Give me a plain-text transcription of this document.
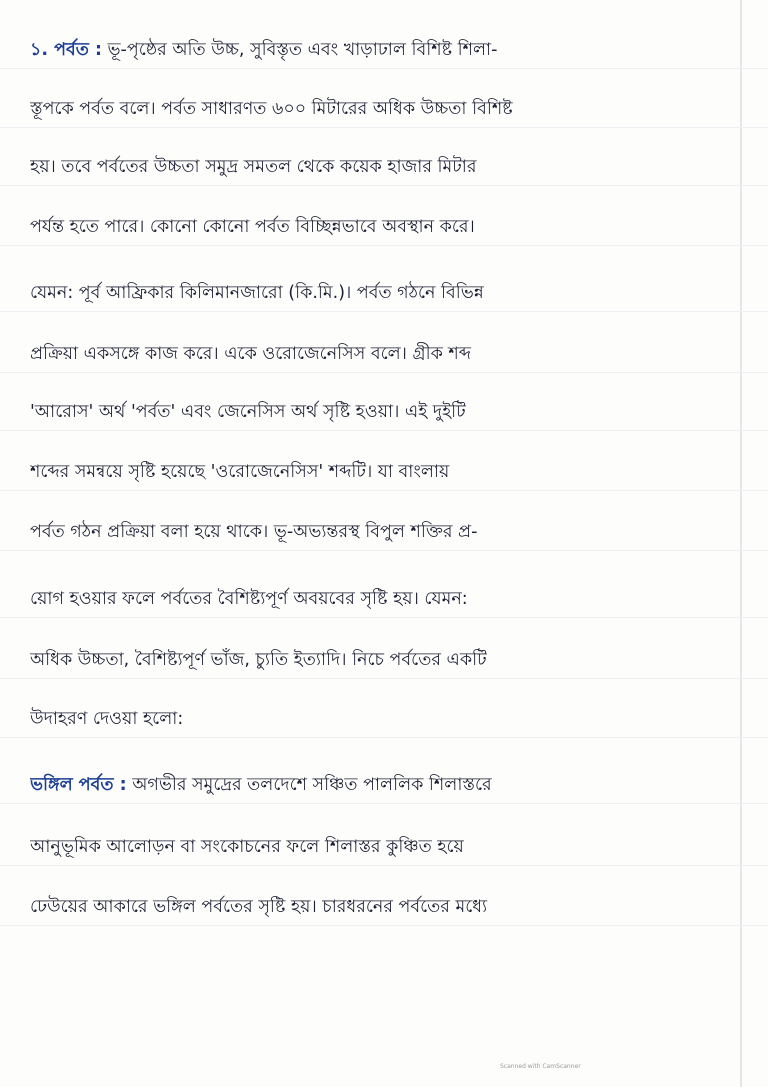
১. পর্বত : ভূ-পৃষ্ঠের অতি উচ্চ, সুবিস্তৃত এবং খাড়াঢাল বিশিষ্ট শিলা-
স্তূপকে পর্বত বলে। পর্বত সাধারণত ৬০০ মিটারের অধিক উচ্চতা বিশিষ্ট
হয়। তবে পর্বতের উচ্চতা সমুদ্র সমতল থেকে কয়েক হাজার মিটার
পর্যন্ত হতে পারে। কোনো কোনো পর্বত বিচ্ছিন্নভাবে অবস্থান করে।
যেমন: পূর্ব আফ্রিকার কিলিমানজারো (কি.মি.)। পর্বত গঠনে বিভিন্ন
প্রক্রিয়া একসঙ্গে কাজ করে। একে ওরোজেনেসিস বলে। গ্রীক শব্দ
'আরোস' অর্থ 'পর্বত' এবং জেনেসিস অর্থ সৃষ্টি হওয়া। এই দুইটি
শব্দের সমন্বয়ে সৃষ্টি হয়েছে 'ওরোজেনেসিস' শব্দটি। যা বাংলায়
পর্বত গঠন প্রক্রিয়া বলা হয়ে থাকে। ভূ-অভ্যন্তরস্থ বিপুল শক্তির প্র-
য়োগ হওয়ার ফলে পর্বতের বৈশিষ্ট্যপূর্ণ অবয়বের সৃষ্টি হয়। যেমন:
অধিক উচ্চতা, বৈশিষ্ট্যপূর্ণ ভাঁজ, চ্যুতি ইত্যাদি। নিচে পর্বতের একটি
উদাহরণ দেওয়া হলো:
ভঙ্গিল পর্বত : অগভীর সমুদ্রের তলদেশে সঞ্চিত পাললিক শিলাস্তরে
আনুভূমিক আলোড়ন বা সংকোচনের ফলে শিলাস্তর কুঞ্চিত হয়ে
ঢেউয়ের আকারে ভঙ্গিল পর্বতের সৃষ্টি হয়। চারধরনের পর্বতের মধ্যে
Scanned with CamScanner
